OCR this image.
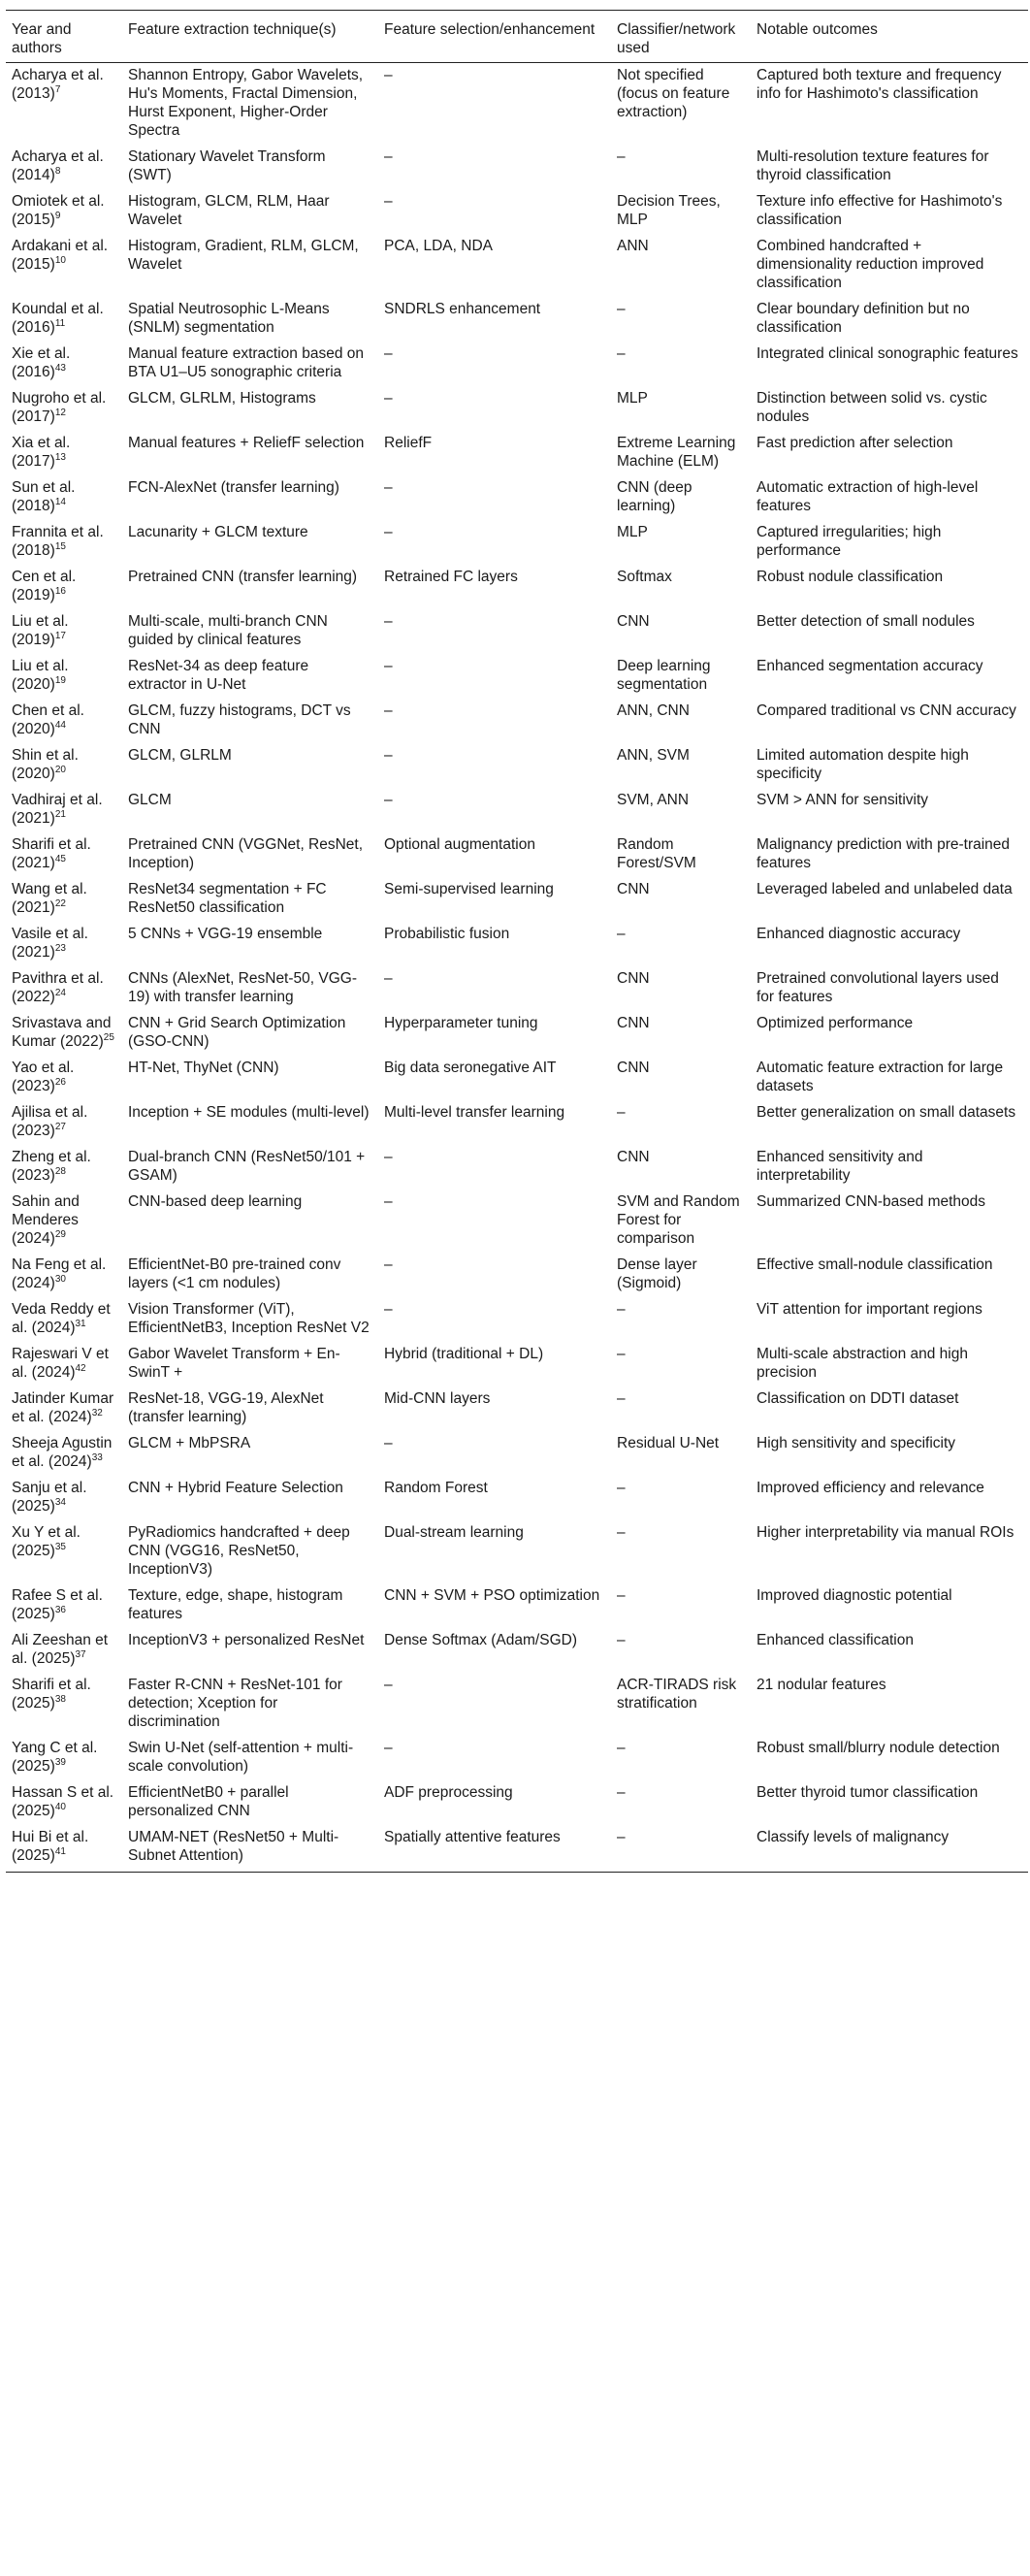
Year and authors	Feature extraction technique(s)	Feature selection/enhancement	Classifier/network used	Notable outcomes
Acharya et al. $(2013)^7$	Shannon Entropy, Gabor Wavelets, Hu's Moments, Fractal Dimension, Hurst Exponent, Higher-Order Spectra	–	Not specified (focus on feature extraction)	Captured both texture and frequency info for Hashimoto's classification
Acharya et al. $(2014)^8$	Stationary Wavelet Transform (SWT)	–	–	Multi-resolution texture features for thyroid classification
Omiotek et al. $(2015)^9$	Histogram, GLCM, RLM, Haar Wavelet	–	Decision Trees, MLP	Texture info effective for Hashimoto's classification
Ardakani et al. $(2015)^{10}$	Histogram, Gradient, RLM, GLCM, Wavelet	PCA, LDA, NDA	ANN	Combined handcrafted + dimensionality reduction improved classification
Koundal et al. $(2016)^{11}$	Spatial Neutrosophic L-Means (SNLM) segmentation	SNDRLS enhancement	–	Clear boundary definition but no classification
Xie et al. $(2016)^{43}$	Manual feature extraction based on BTA U1–U5 sonographic criteria	–	–	Integrated clinical sonographic features
Nugroho et al. $(2017)^{12}$	GLCM, GLRLM, Histograms	–	MLP	Distinction between solid vs. cystic nodules
Xia et al. $(2017)^{13}$	Manual features + ReliefF selection	ReliefF	Extreme Learning Machine (ELM)	Fast prediction after selection
Sun et al. $(2018)^{14}$	FCN-AlexNet (transfer learning)	–	CNN (deep learning)	Automatic extraction of high-level features
Frannita et al. $(2018)^{15}$	Lacunarity + GLCM texture	–	MLP	Captured irregularities; high performance
Cen et al. $(2019)^{16}$	Pretrained CNN (transfer learning)	Retrained FC layers	Softmax	Robust nodule classification
Liu et al. $(2019)^{17}$	Multi-scale, multi-branch CNN guided by clinical features	–	CNN	Better detection of small nodules
Liu et al. $(2020)^{19}$	ResNet-34 as deep feature extractor in U-Net	–	Deep learning segmentation	Enhanced segmentation accuracy
Chen et al. $(2020)^{44}$	GLCM, fuzzy histograms, DCT vs CNN	–	ANN, CNN	Compared traditional vs CNN accuracy
Shin et al. $(2020)^{20}$	GLCM, GLRLM	–	ANN, SVM	Limited automation despite high specificity
Vadhiraj et al. $(2021)^{21}$	GLCM	–	SVM, ANN	SVM > ANN for sensitivity
Sharifi et al. $(2021)^{45}$	Pretrained CNN (VGGNet, ResNet, Inception)	Optional augmentation	Random Forest/SVM	Malignancy prediction with pre-trained features
Wang et al. $(2021)^{22}$	ResNet34 segmentation + FC ResNet50 classification	Semi-supervised learning	CNN	Leveraged labeled and unlabeled data
Vasile et al. $(2021)^{23}$	5 CNNs + VGG-19 ensemble	Probabilistic fusion	–	Enhanced diagnostic accuracy
Pavithra et al. $(2022)^{24}$	CNNs (AlexNet, ResNet-50, VGG-19) with transfer learning	–	CNN	Pretrained convolutional layers used for features
Srivastava and Kumar $(2022)^{25}$	CNN + Grid Search Optimization (GSO-CNN)	Hyperparameter tuning	CNN	Optimized performance
Yao et al. $(2023)^{26}$	HT-Net, ThyNet (CNN)	Big data seronegative AIT	CNN	Automatic feature extraction for large datasets
Ajilisa et al. $(2023)^{27}$	Inception + SE modules (multi-level)	Multi-level transfer learning	–	Better generalization on small datasets
Zheng et al. $(2023)^{28}$	Dual-branch CNN (ResNet50/101 + GSAM)	–	CNN	Enhanced sensitivity and interpretability
Sahin and Menderes $(2024)^{29}$	CNN-based deep learning	–	SVM and Random Forest for comparison	Summarized CNN-based methods
Na Feng et al. $(2024)^{30}$	EfficientNet-B0 pre-trained conv layers (<1 cm nodules)	–	Dense layer (Sigmoid)	Effective small-nodule classification
Veda Reddy et al. $(2024)^{31}$	Vision Transformer (ViT), EfficientNetB3, Inception ResNet V2	–	–	ViT attention for important regions
Rajeswari V et al. $(2024)^{42}$	Gabor Wavelet Transform + En-SwinT +	Hybrid (traditional + DL)	–	Multi-scale abstraction and high precision
Jatinder Kumar et al. $(2024)^{32}$	ResNet-18, VGG-19, AlexNet (transfer learning)	Mid-CNN layers	–	Classification on DDTI dataset
Sheeja Agustin et al. $(2024)^{33}$	GLCM + MbPSRA	–	Residual U-Net	High sensitivity and specificity
Sanju et al. $(2025)^{34}$	CNN + Hybrid Feature Selection	Random Forest	–	Improved efficiency and relevance
Xu Y et al. $(2025)^{35}$	PyRadiomics handcrafted + deep CNN (VGG16, ResNet50, InceptionV3)	Dual-stream learning	–	Higher interpretability via manual ROIs
Rafee S et al. $(2025)^{36}$	Texture, edge, shape, histogram features	CNN + SVM + PSO optimization	–	Improved diagnostic potential
Ali Zeeshan et al. $(2025)^{37}$	InceptionV3 + personalized ResNet	Dense Softmax (Adam/SGD)	–	Enhanced classification
Sharifi et al. $(2025)^{38}$	Faster R-CNN + ResNet-101 for detection; Xception for discrimination	–	ACR-TIRADS risk stratification	21 nodular features
Yang C et al. $(2025)^{39}$	Swin U-Net (self-attention + multi-scale convolution)	–	–	Robust small/blurry nodule detection
Hassan S et al. $(2025)^{40}$	EfficientNetB0 + parallel personalized CNN	ADF preprocessing	–	Better thyroid tumor classification
Hui Bi et al. $(2025)^{41}$	UMAM-NET (ResNet50 + Multi-Subnet Attention)	Spatially attentive features	–	Classify levels of malignancy
